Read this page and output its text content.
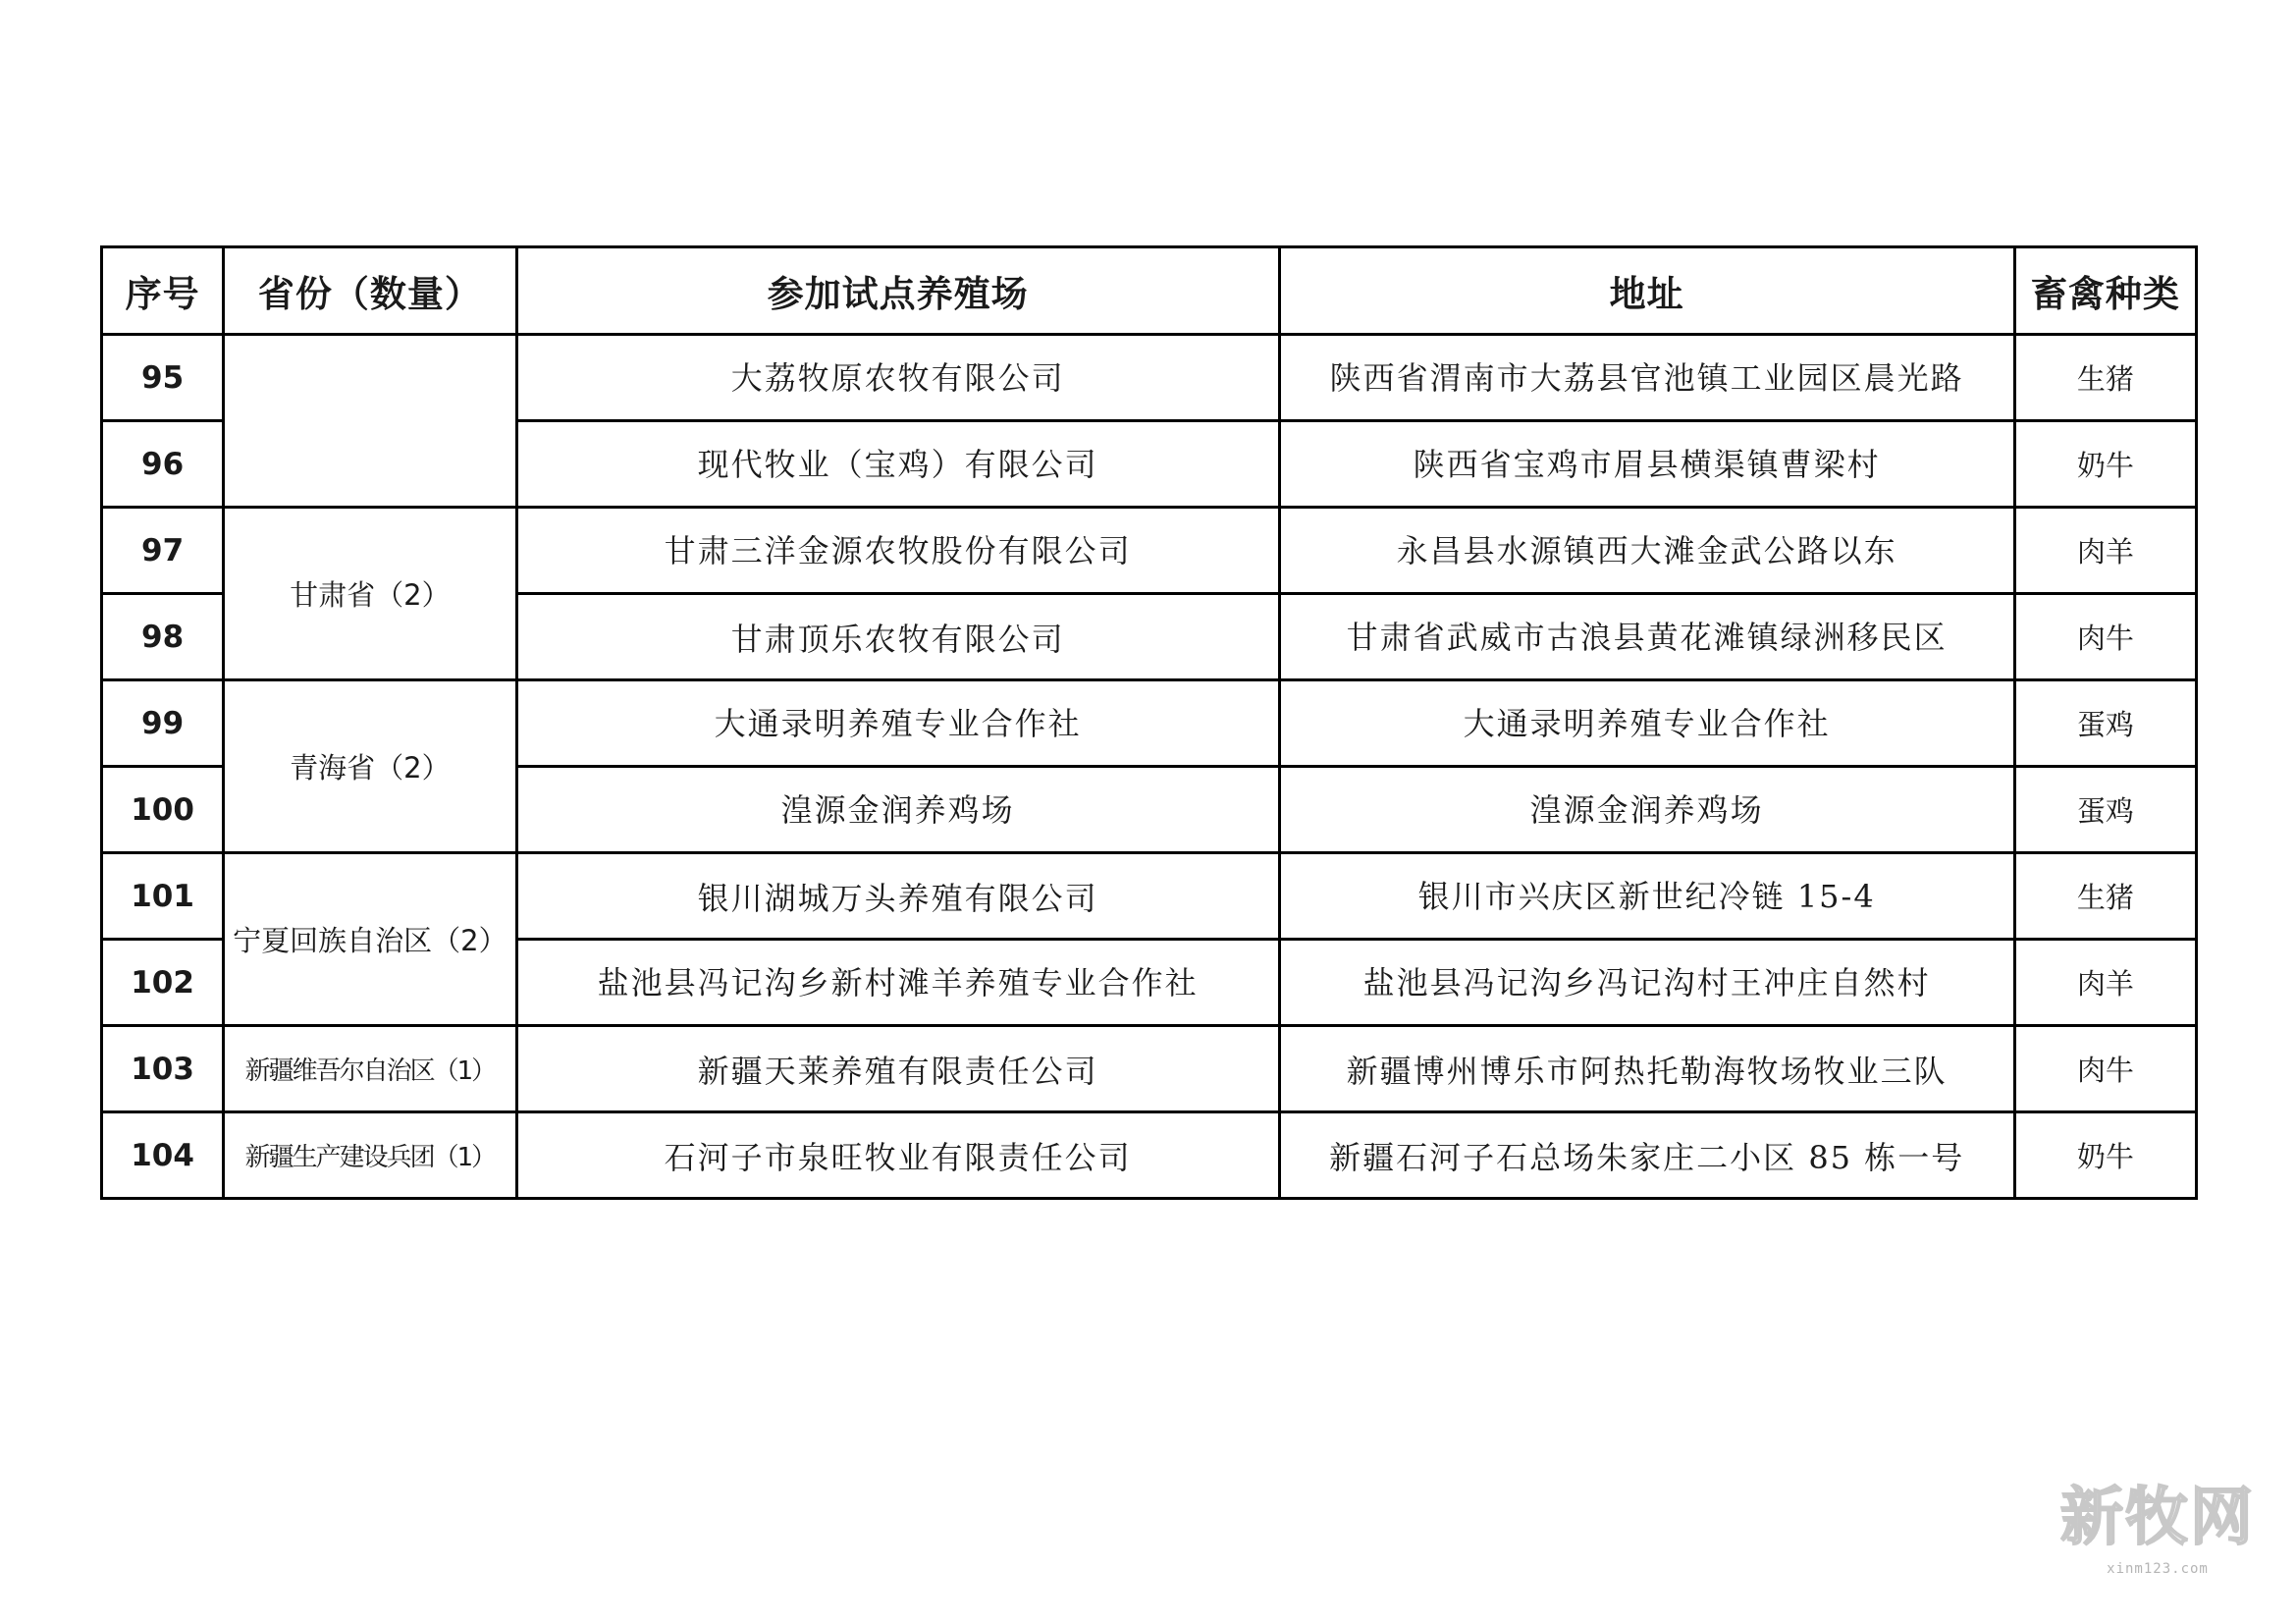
序号	省份（数量）	参加试点养殖场	地址	畜禽种类
95		大荔牧原农牧有限公司	陕西省渭南市大荔县官池镇工业园区晨光路	生猪
96		现代牧业（宝鸡）有限公司	陕西省宝鸡市眉县横渠镇曹梁村	奶牛
97	甘肃省（2）	甘肃三洋金源农牧股份有限公司	永昌县水源镇西大滩金武公路以东	肉羊
98		甘肃顶乐农牧有限公司	甘肃省武威市古浪县黄花滩镇绿洲移民区	肉牛
99	青海省（2）	大通录明养殖专业合作社	大通录明养殖专业合作社	蛋鸡
100		湟源金润养鸡场	湟源金润养鸡场	蛋鸡
101	宁夏回族自治区（2）	银川湖城万头养殖有限公司	银川市兴庆区新世纪冷链 15-4	生猪
102		盐池县冯记沟乡新村滩羊养殖专业合作社	盐池县冯记沟乡冯记沟村王冲庄自然村	肉羊
103	新疆维吾尔自治区（1）	新疆天莱养殖有限责任公司	新疆博州博乐市阿热托勒海牧场牧业三队	肉牛
104	新疆生产建设兵团（1）	石河子市泉旺牧业有限责任公司	新疆石河子石总场朱家庄二小区 85 栋一号	奶牛
新牧网
xinm123.com
